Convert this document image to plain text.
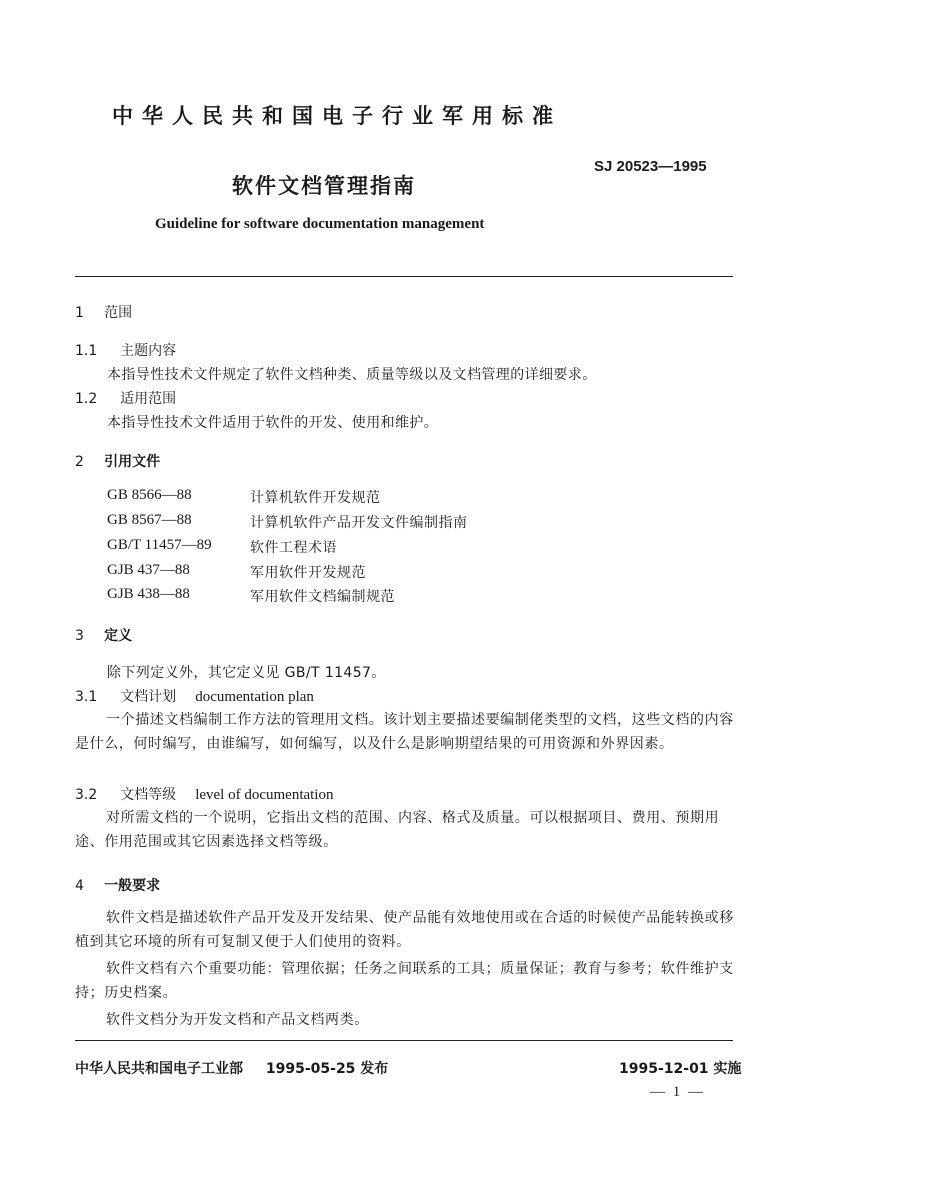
中华人民共和国电子行业军用标准
SJ 20523—1995
软件文档管理指南
Guideline for software documentation management
1 范围
1.1 主题内容
本指导性技术文件规定了软件文档种类、质量等级以及文档管理的详细要求。
1.2 适用范围
本指导性技术文件适用于软件的开发、使用和维护。
2 引用文件
GB 8566—88	计算机软件开发规范
GB 8567—88	计算机软件产品开发文件编制指南
GB/T 11457—89	软件工程术语
GJB 437—88	军用软件开发规范
GJB 438—88	军用软件文档编制规范
3 定义
除下列定义外，其它定义见 GB/T 11457。
3.1 文档计划 documentation plan
一个描述文档编制工作方法的管理用文档。该计划主要描述要编制佬类型的文档，这些文档的内容是什么，何时编写，由谁编写，如何编写，以及什么是影响期望结果的可用资源和外界因素。
3.2 文档等级 level of documentation
对所需文档的一个说明，它指出文档的范围、内容、格式及质量。可以根据项目、费用、预期用途、作用范围或其它因素选择文档等级。
4 一般要求
软件文档是描述软件产品开发及开发结果、使产品能有效地使用或在合适的时候使产品能转换或移植到其它环境的所有可复制又便于人们使用的资料。
软件文档有六个重要功能：管理依据；任务之间联系的工具；质量保证；教育与参考；软件维护支持；历史档案。
软件文档分为开发文档和产品文档两类。
中华人民共和国电子工业部 1995-05-25 发布	1995-12-01 实施
— 1 —
